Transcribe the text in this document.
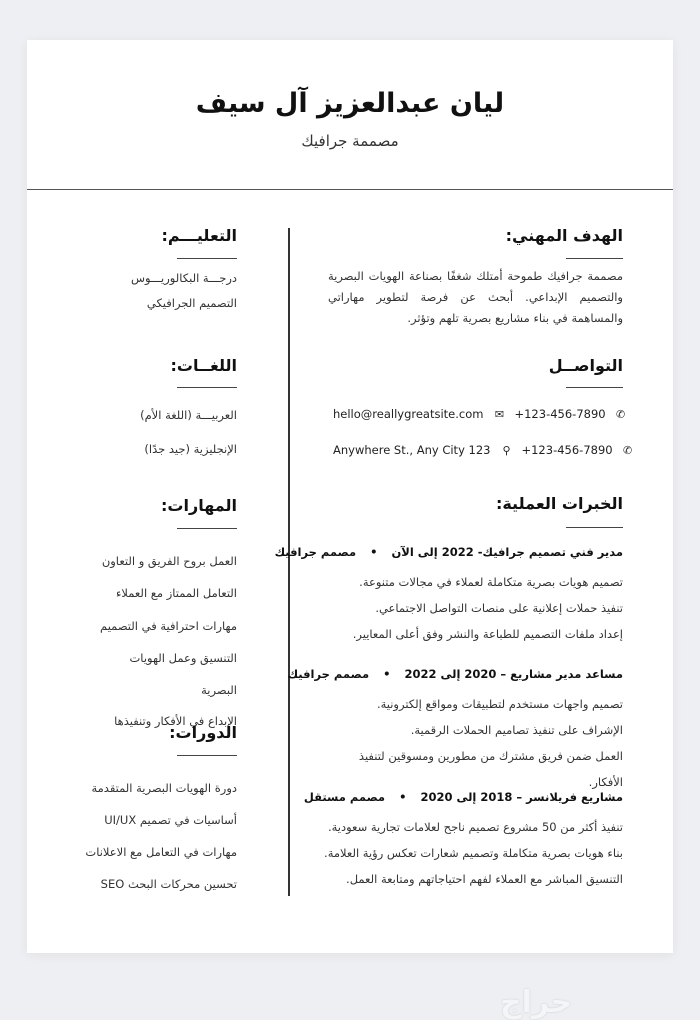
ليان عبدالعزيز آل سيف
مصممة جرافيك
الهدف المهني:
مصممة جرافيك طموحة أمتلك شغفًا بصناعة الهويات البصرية والتصميم الإبداعي. أبحث عن فرصة لتطوير مهاراتي والمساهمة في بناء مشاريع بصرية تلهم وتؤثر.
التواصــل
hello@reallygreatsite.com ✉ +123-456-7890 ✆
Anywhere St., Any City 123 ⚲ +123-456-7890 ✆
الخبرات العملية:
مدير فني تصميم جرافيك- 2022 إلى الآن • مصمم جرافيك
تصميم هويات بصرية متكاملة لعملاء في مجالات متنوعة.
تنفيذ حملات إعلانية على منصات التواصل الاجتماعي.
إعداد ملفات التصميم للطباعة والنشر وفق أعلى المعايير.
مساعد مدير مشاريع – 2020 إلى 2022 • مصمم جرافيك
تصميم واجهات مستخدم لتطبيقات ومواقع إلكترونية.
الإشراف على تنفيذ تصاميم الحملات الرقمية.
العمل ضمن فريق مشترك من مطورين ومسوقين لتنفيذ
الأفكار.
مشاريع فريلانسر – 2018 إلى 2020 • مصمم مستقل
تنفيذ أكثر من 50 مشروع تصميم ناجح لعلامات تجارية سعودية.
بناء هويات بصرية متكاملة وتصميم شعارات تعكس رؤية العلامة.
التنسيق المباشر مع العملاء لفهم احتياجاتهم ومتابعة العمل.
التعليـــم:
درجـــة البكالوريـــوس
التصميم الجرافيكي
اللغــات:
العربيـــة (اللغة الأم)
الإنجليزية (جيد جدًا)
المهارات:
العمل بروح الفريق و التعاون
التعامل الممتاز مع العملاء
مهارات احترافية في التصميم
التنسيق وعمل الهويات
البصرية
الإبداع في الأفكار وتنفيذها
الدورات:
دورة الهويات البصرية المتقدمة
أساسيات في تصميم UI/UX
مهارات في التعامل مع الاعلانات
تحسين محركات البحث SEO
حراج
